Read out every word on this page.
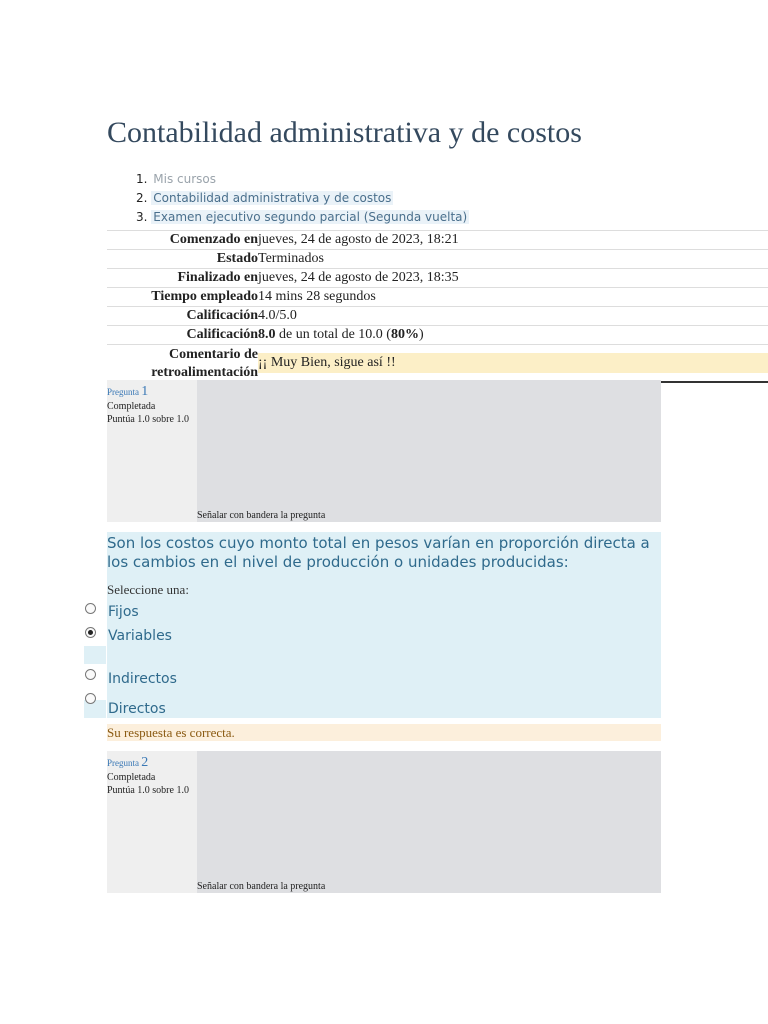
Contabilidad administrativa y de costos
1. Mis cursos
2. Contabilidad administrativa y de costos
3. Examen ejecutivo segundo parcial (Segunda vuelta)
Comenzado en jueves, 24 de agosto de 2023, 18:21
Estado Terminados
Finalizado en jueves, 24 de agosto de 2023, 18:35
Tiempo empleado 14 mins 28 segundos
Calificación 4.0/5.0
Calificación 8.0 de un total de 10.0 (80%)
Comentario de
retroalimentación
¡¡ Muy Bien, sigue así !!
Pregunta 1
Completada
Puntúa 1.0 sobre 1.0
Señalar con bandera la pregunta
Son los costos cuyo monto total en pesos varían en proporción directa a los cambios en el nivel de producción o unidades producidas:
Seleccione una:
Fijos
Variables
Indirectos
Directos
Su respuesta es correcta.
Pregunta 2
Completada
Puntúa 1.0 sobre 1.0
Señalar con bandera la pregunta
